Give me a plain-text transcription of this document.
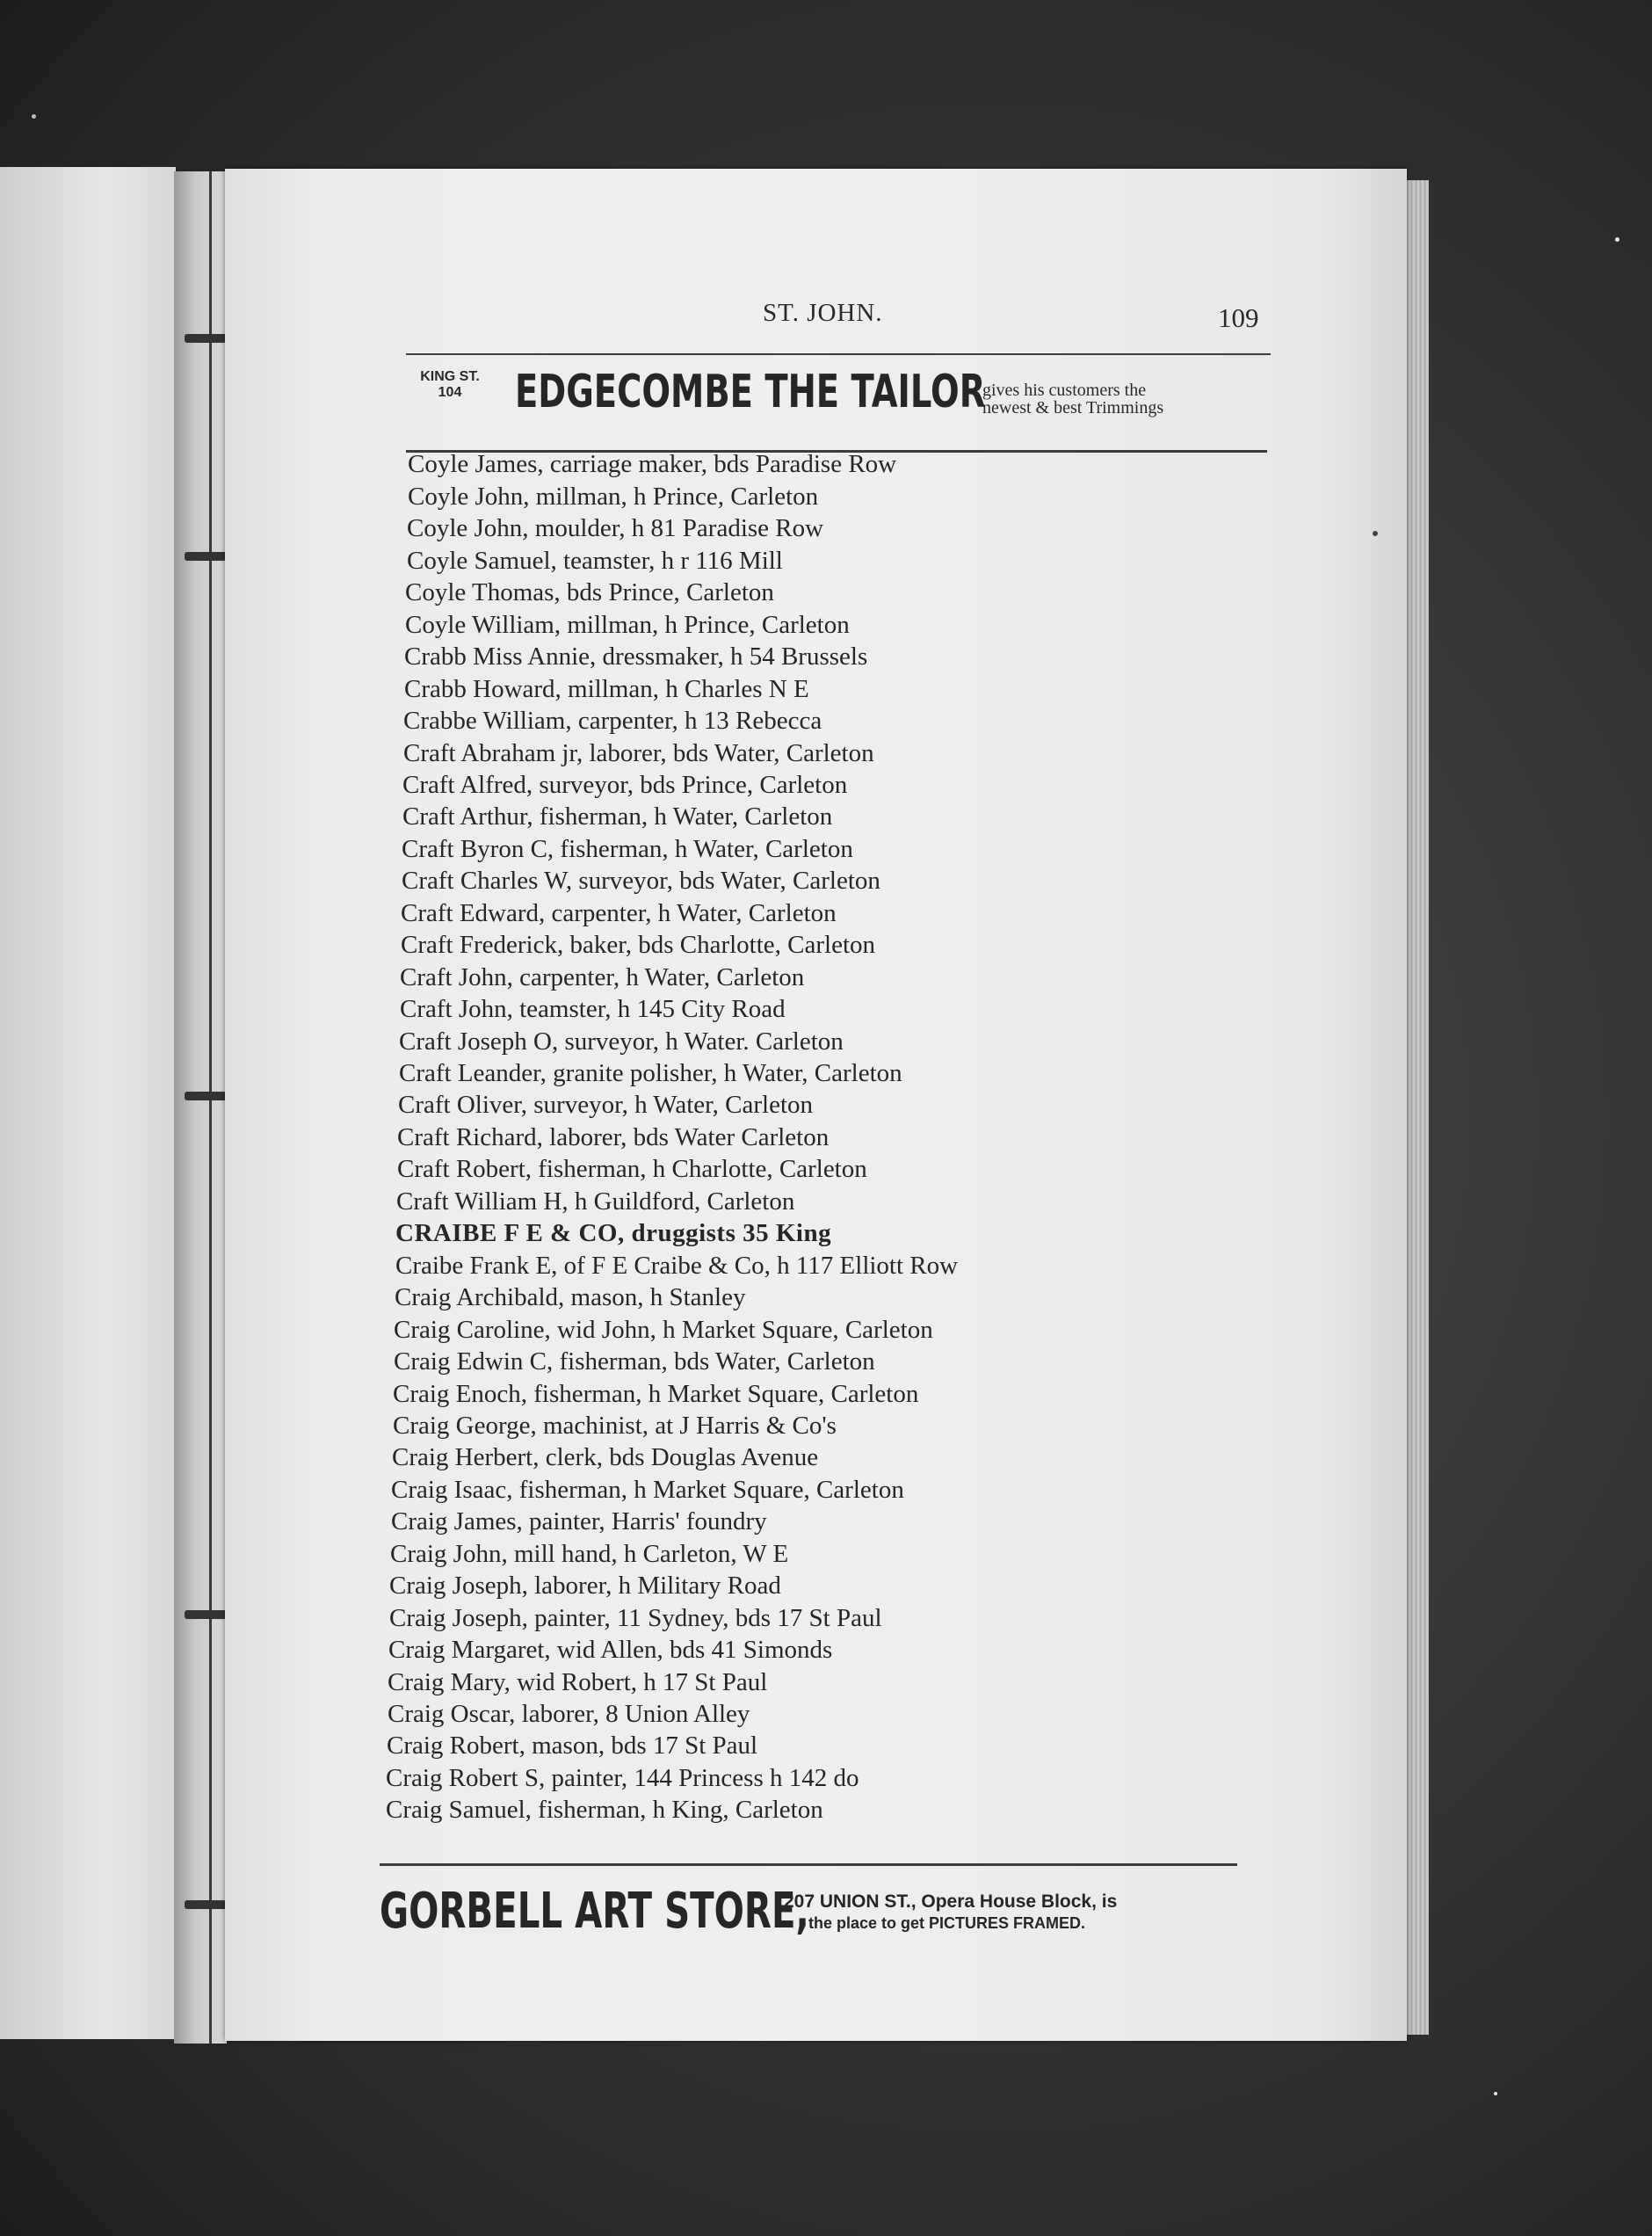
ST. JOHN.	109
KING ST.
104	EDGECOMBE THE TAILOR
gives his customers the
newest & best Trimmings
Coyle James, carriage maker, bds Paradise Row
Coyle John, millman, h Prince, Carleton
Coyle John, moulder, h 81 Paradise Row
Coyle Samuel, teamster, h r 116 Mill
Coyle Thomas, bds Prince, Carleton
Coyle William, millman, h Prince, Carleton
Crabb Miss Annie, dressmaker, h 54 Brussels
Crabb Howard, millman, h Charles N E
Crabbe William, carpenter, h 13 Rebecca
Craft Abraham jr, laborer, bds Water, Carleton
Craft Alfred, surveyor, bds Prince, Carleton
Craft Arthur, fisherman, h Water, Carleton
Craft Byron C, fisherman, h Water, Carleton
Craft Charles W, surveyor, bds Water, Carleton
Craft Edward, carpenter, h Water, Carleton
Craft Frederick, baker, bds Charlotte, Carleton
Craft John, carpenter, h Water, Carleton
Craft John, teamster, h 145 City Road
Craft Joseph O, surveyor, h Water. Carleton
Craft Leander, granite polisher, h Water, Carleton
Craft Oliver, surveyor, h Water, Carleton
Craft Richard, laborer, bds Water Carleton
Craft Robert, fisherman, h Charlotte, Carleton
Craft William H, h Guildford, Carleton
CRAIBE F E & CO, druggists 35 King
Craibe Frank E, of F E Craibe & Co, h 117 Elliott Row
Craig Archibald, mason, h Stanley
Craig Caroline, wid John, h Market Square, Carleton
Craig Edwin C, fisherman, bds Water, Carleton
Craig Enoch, fisherman, h Market Square, Carleton
Craig George, machinist, at J Harris & Co's
Craig Herbert, clerk, bds Douglas Avenue
Craig Isaac, fisherman, h Market Square, Carleton
Craig James, painter, Harris' foundry
Craig John, mill hand, h Carleton, W E
Craig Joseph, laborer, h Military Road
Craig Joseph, painter, 11 Sydney, bds 17 St Paul
Craig Margaret, wid Allen, bds 41 Simonds
Craig Mary, wid Robert, h 17 St Paul
Craig Oscar, laborer, 8 Union Alley
Craig Robert, mason, bds 17 St Paul
Craig Robert S, painter, 144 Princess h 142 do
Craig Samuel, fisherman, h King, Carleton
GORBELL ART STORE,
207 UNION ST., Opera House Block, is
the place to get PICTURES FRAMED.
